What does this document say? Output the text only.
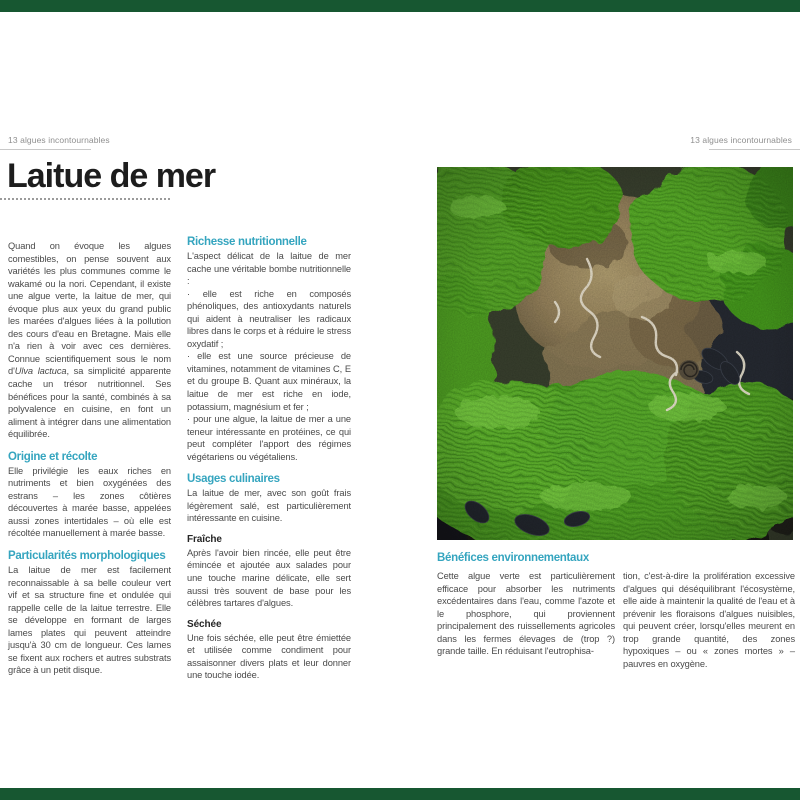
13 algues incontournables	13 algues incontournables
Laitue de mer

Quand on évoque les algues comestibles, on pense souvent aux variétés les plus communes comme le wakamé ou la nori. Cependant, il existe une algue verte, la laitue de mer, qui évoque plus aux yeux du grand public les marées d'algues liées à la pollution des cours d'eau en Bretagne. Mais elle n'a rien à voir avec ces dernières. Connue scientifiquement sous le nom d'Ulva lactuca, sa simplicité apparente cache un trésor nutritionnel. Ses bénéfices pour la santé, combinés à sa polyvalence en cuisine, en font un aliment à intégrer dans une alimentation équilibrée.

Origine et récolte

Elle privilégie les eaux riches en nutriments et bien oxygénées des estrans – les zones côtières découvertes à marée basse, appelées aussi zones intertidales – où elle est récoltée manuellement à marée basse.

Particularités morphologiques

La laitue de mer est facilement reconnaissable à sa belle couleur vert vif et sa structure fine et ondulée qui rappelle celle de la laitue terrestre. Elle se développe en formant de larges lames plates qui peuvent atteindre jusqu'à 30 cm de longueur. Ces lames se fixent aux rochers et autres substrats grâce à un petit disque.

Richesse nutritionnelle

L'aspect délicat de la laitue de mer cache une véritable bombe nutritionnelle :

· elle est riche en composés phénoliques, des antioxydants naturels qui aident à neutraliser les radicaux libres dans le corps et à réduire le stress oxydatif ;

· elle est une source précieuse de vitamines, notamment de vitamines C, E et du groupe B. Quant aux minéraux, la laitue de mer est riche en iode, potassium, magnésium et fer ;

· pour une algue, la laitue de mer a une teneur intéressante en protéines, ce qui peut compléter l'apport des régimes végétariens ou végétaliens.

Usages culinaires

La laitue de mer, avec son goût frais légèrement salé, est particulièrement intéressante en cuisine.

Fraîche

Après l'avoir bien rincée, elle peut être émincée et ajoutée aux salades pour une touche marine délicate, elle sert aussi très souvent de base pour les célèbres tartares d'algues.

Séchée

Une fois séchée, elle peut être émiettée et utilisée comme condiment pour assaisonner divers plats et leur donner une touche iodée.

Bénéfices environnementaux

Cette algue verte est particulièrement efficace pour absorber les nutriments excédentaires dans l'eau, comme l'azote et le phosphore, qui proviennent principalement des ruissellements agricoles dans les fermes élevages de (trop ?) grande taille. En réduisant l'eutrophisa-

tion, c'est-à-dire la prolifération excessive d'algues qui déséquilibrant l'écosystème, elle aide à maintenir la qualité de l'eau et à prévenir les floraisons d'algues nuisibles, qui peuvent créer, lorsqu'elles meurent en trop grande quantité, des zones hypoxiques – ou « zones mortes » – pauvres en oxygène.
